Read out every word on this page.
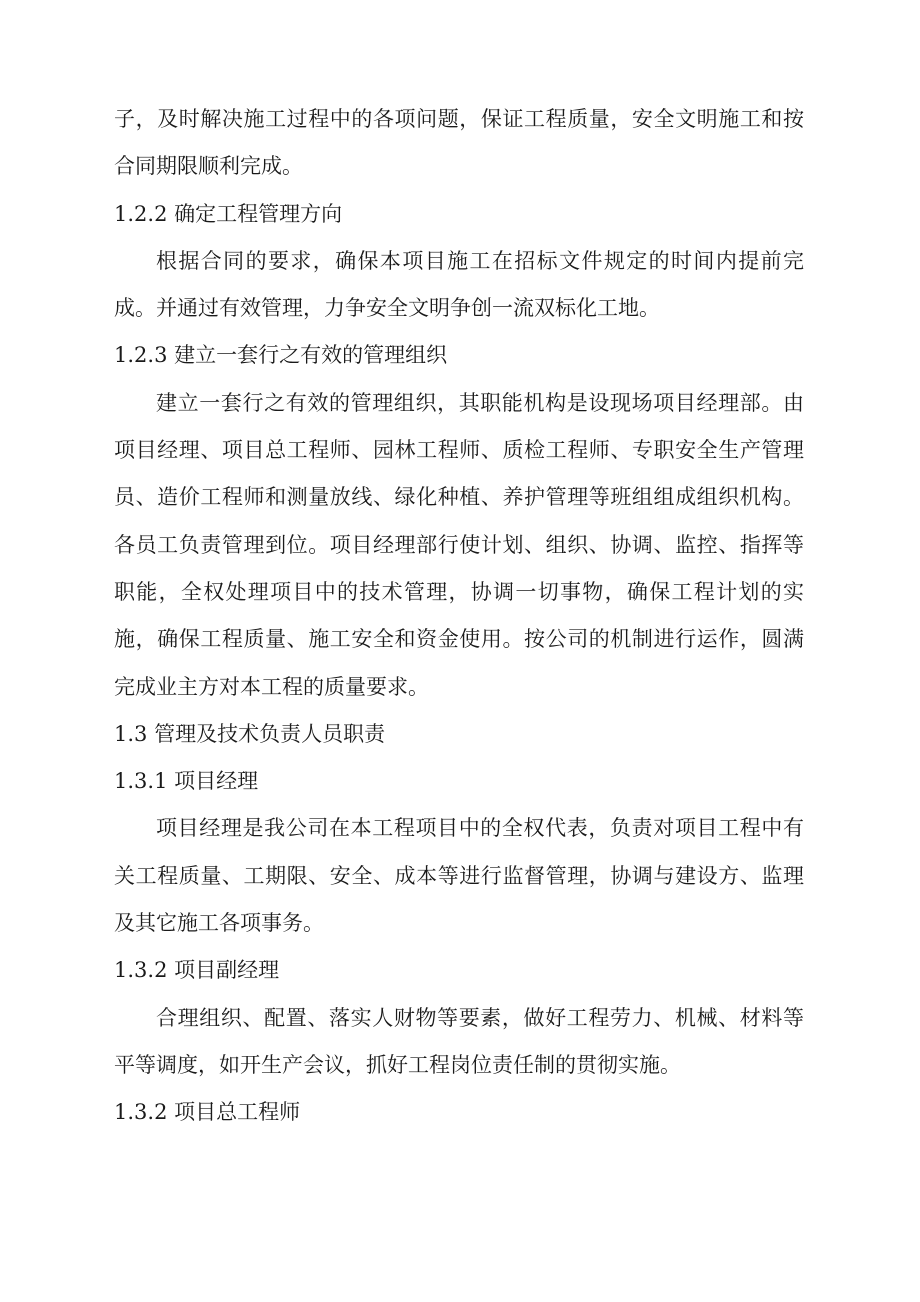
子，及时解决施工过程中的各项问题，保证工程质量，安全文明施工和按合同期限顺利完成。

1.2.2 确定工程管理方向

根据合同的要求，确保本项目施工在招标文件规定的时间内提前完成。并通过有效管理，力争安全文明争创一流双标化工地。

1.2.3 建立一套行之有效的管理组织

建立一套行之有效的管理组织，其职能机构是设现场项目经理部。由项目经理、项目总工程师、园林工程师、质检工程师、专职安全生产管理员、造价工程师和测量放线、绿化种植、养护管理等班组组成组织机构。各员工负责管理到位。项目经理部行使计划、组织、协调、监控、指挥等职能，全权处理项目中的技术管理，协调一切事物，确保工程计划的实施，确保工程质量、施工安全和资金使用。按公司的机制进行运作，圆满完成业主方对本工程的质量要求。

1.3 管理及技术负责人员职责
1.3.1 项目经理

项目经理是我公司在本工程项目中的全权代表，负责对项目工程中有关工程质量、工期限、安全、成本等进行监督管理，协调与建设方、监理及其它施工各项事务。

1.3.2 项目副经理

合理组织、配置、落实人财物等要素，做好工程劳力、机械、材料等平等调度，如开生产会议，抓好工程岗位责任制的贯彻实施。

1.3.2 项目总工程师
